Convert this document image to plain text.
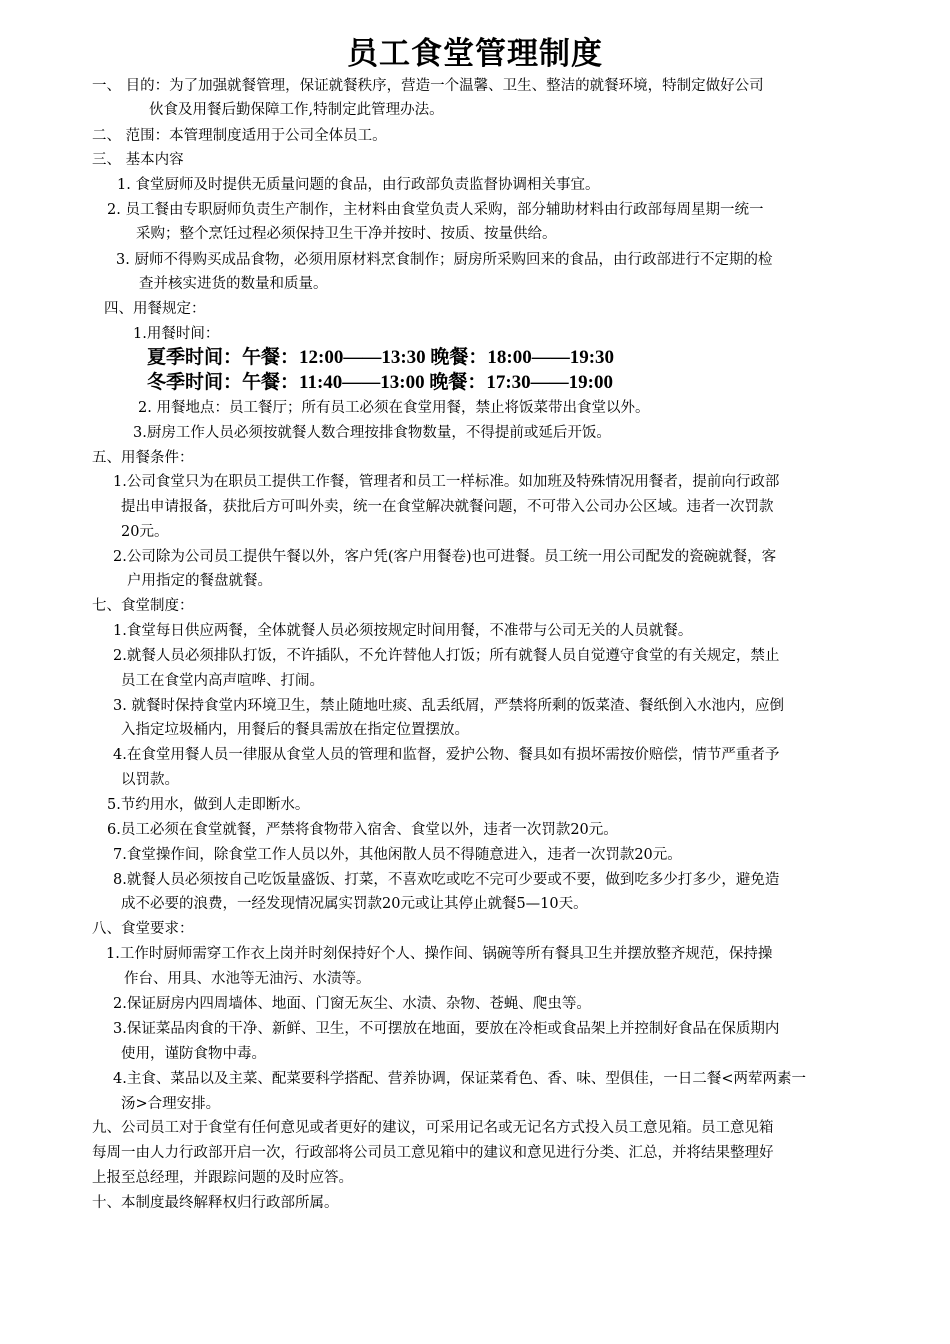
员工食堂管理制度
一、 目的：为了加强就餐管理，保证就餐秩序，营造一个温馨、卫生、整洁的就餐环境，特制定做好公司
伙食及用餐后勤保障工作,特制定此管理办法。
二、 范围：本管理制度适用于公司全体员工。
三、 基本内容
1. 食堂厨师及时提供无质量问题的食品，由行政部负责监督协调相关事宜。
2. 员工餐由专职厨师负责生产制作，主材料由食堂负责人采购，部分辅助材料由行政部每周星期一统一
采购；整个烹饪过程必须保持卫生干净并按时、按质、按量供给。
3. 厨师不得购买成品食物，必须用原材料烹食制作；厨房所采购回来的食品，由行政部进行不定期的检
查并核实进货的数量和质量。
四、用餐规定：
1.用餐时间：
夏季时间：午餐：12:00——13:30 晚餐：18:00——19:30
冬季时间：午餐：11:40——13:00 晚餐：17:30——19:00
2. 用餐地点：员工餐厅；所有员工必须在食堂用餐，禁止将饭菜带出食堂以外。
3.厨房工作人员必须按就餐人数合理按排食物数量，不得提前或延后开饭。
五、用餐条件：
1.公司食堂只为在职员工提供工作餐，管理者和员工一样标准。如加班及特殊情况用餐者，提前向行政部
提出申请报备，获批后方可叫外卖，统一在食堂解决就餐问题，不可带入公司办公区域。违者一次罚款
20元。
2.公司除为公司员工提供午餐以外，客户凭(客户用餐卷)也可进餐。员工统一用公司配发的瓷碗就餐，客
户用指定的餐盘就餐。
七、食堂制度：
1.食堂每日供应两餐，全体就餐人员必须按规定时间用餐，不准带与公司无关的人员就餐。
2.就餐人员必须排队打饭，不许插队，不允许替他人打饭；所有就餐人员自觉遵守食堂的有关规定，禁止
员工在食堂内高声喧哗、打闹。
3. 就餐时保持食堂内环境卫生，禁止随地吐痰、乱丢纸屑，严禁将所剩的饭菜渣、餐纸倒入水池内，应倒
入指定垃圾桶内，用餐后的餐具需放在指定位置摆放。
4.在食堂用餐人员一律服从食堂人员的管理和监督，爱护公物、餐具如有损坏需按价赔偿，情节严重者予
以罚款。
5.节约用水，做到人走即断水。
6.员工必须在食堂就餐，严禁将食物带入宿舍、食堂以外，违者一次罚款20元。
7.食堂操作间，除食堂工作人员以外，其他闲散人员不得随意进入，违者一次罚款20元。
8.就餐人员必须按自己吃饭量盛饭、打菜，不喜欢吃或吃不完可少要或不要，做到吃多少打多少，避免造
成不必要的浪费，一经发现情况属实罚款20元或让其停止就餐5—10天。
八、食堂要求：
1.工作时厨师需穿工作衣上岗并时刻保持好个人、操作间、锅碗等所有餐具卫生并摆放整齐规范，保持操
作台、用具、水池等无油污、水渍等。
2.保证厨房内四周墙体、地面、门窗无灰尘、水渍、杂物、苍蝇、爬虫等。
3.保证菜品肉食的干净、新鲜、卫生，不可摆放在地面，要放在冷柜或食品架上并控制好食品在保质期内
使用，谨防食物中毒。
4.主食、菜品以及主菜、配菜要科学搭配、营养协调，保证菜肴色、香、味、型俱佳，一日二餐<两荤两素一
汤>合理安排。
九、公司员工对于食堂有任何意见或者更好的建议，可采用记名或无记名方式投入员工意见箱。员工意见箱
每周一由人力行政部开启一次，行政部将公司员工意见箱中的建议和意见进行分类、汇总，并将结果整理好
上报至总经理，并跟踪问题的及时应答。
十、本制度最终解释权归行政部所属。
